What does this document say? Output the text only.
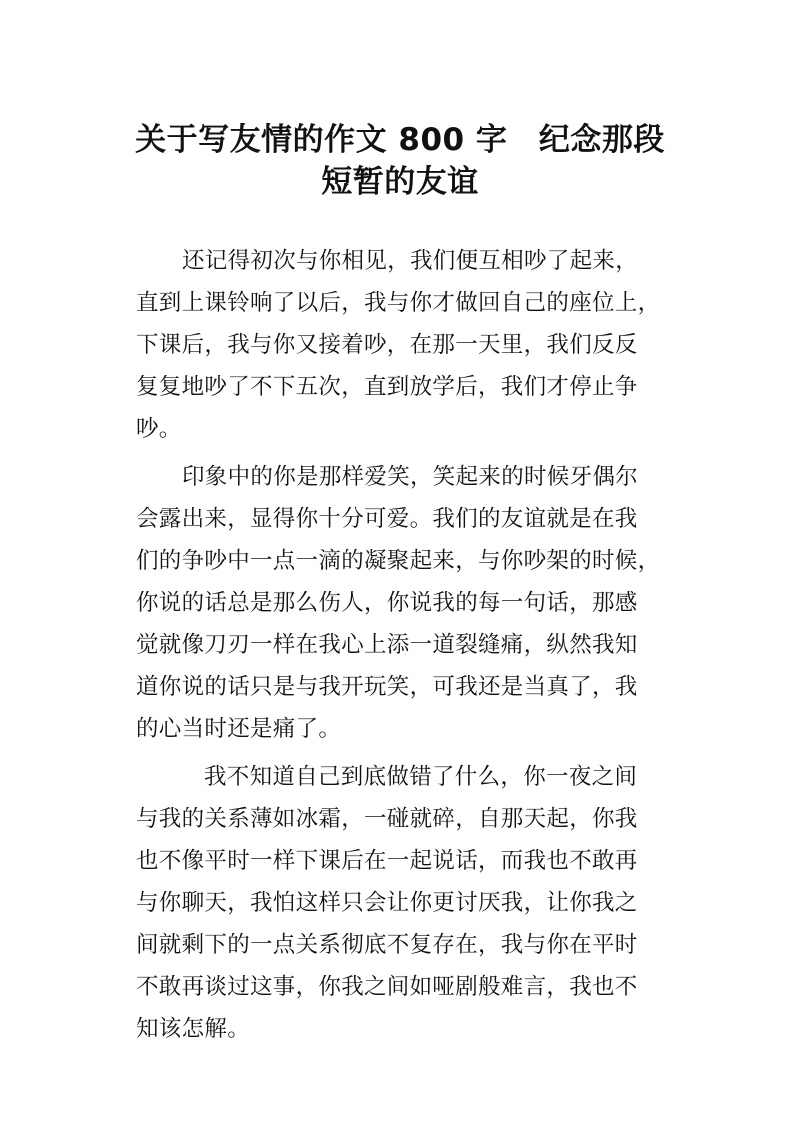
关于写友情的作文 800 字　纪念那段
短暂的友谊

还记得初次与你相见，我们便互相吵了起来，
直到上课铃响了以后，我与你才做回自己的座位上，
下课后，我与你又接着吵，在那一天里，我们反反
复复地吵了不下五次，直到放学后，我们才停止争
吵。

印象中的你是那样爱笑，笑起来的时候牙偶尔
会露出来，显得你十分可爱。我们的友谊就是在我
们的争吵中一点一滴的凝聚起来，与你吵架的时候，
你说的话总是那么伤人，你说我的每一句话，那感
觉就像刀刃一样在我心上添一道裂缝痛，纵然我知
道你说的话只是与我开玩笑，可我还是当真了，我
的心当时还是痛了。

我不知道自己到底做错了什么，你一夜之间
与我的关系薄如冰霜，一碰就碎，自那天起，你我
也不像平时一样下课后在一起说话，而我也不敢再
与你聊天，我怕这样只会让你更讨厌我，让你我之
间就剩下的一点关系彻底不复存在，我与你在平时
不敢再谈过这事，你我之间如哑剧般难言，我也不
知该怎解。
